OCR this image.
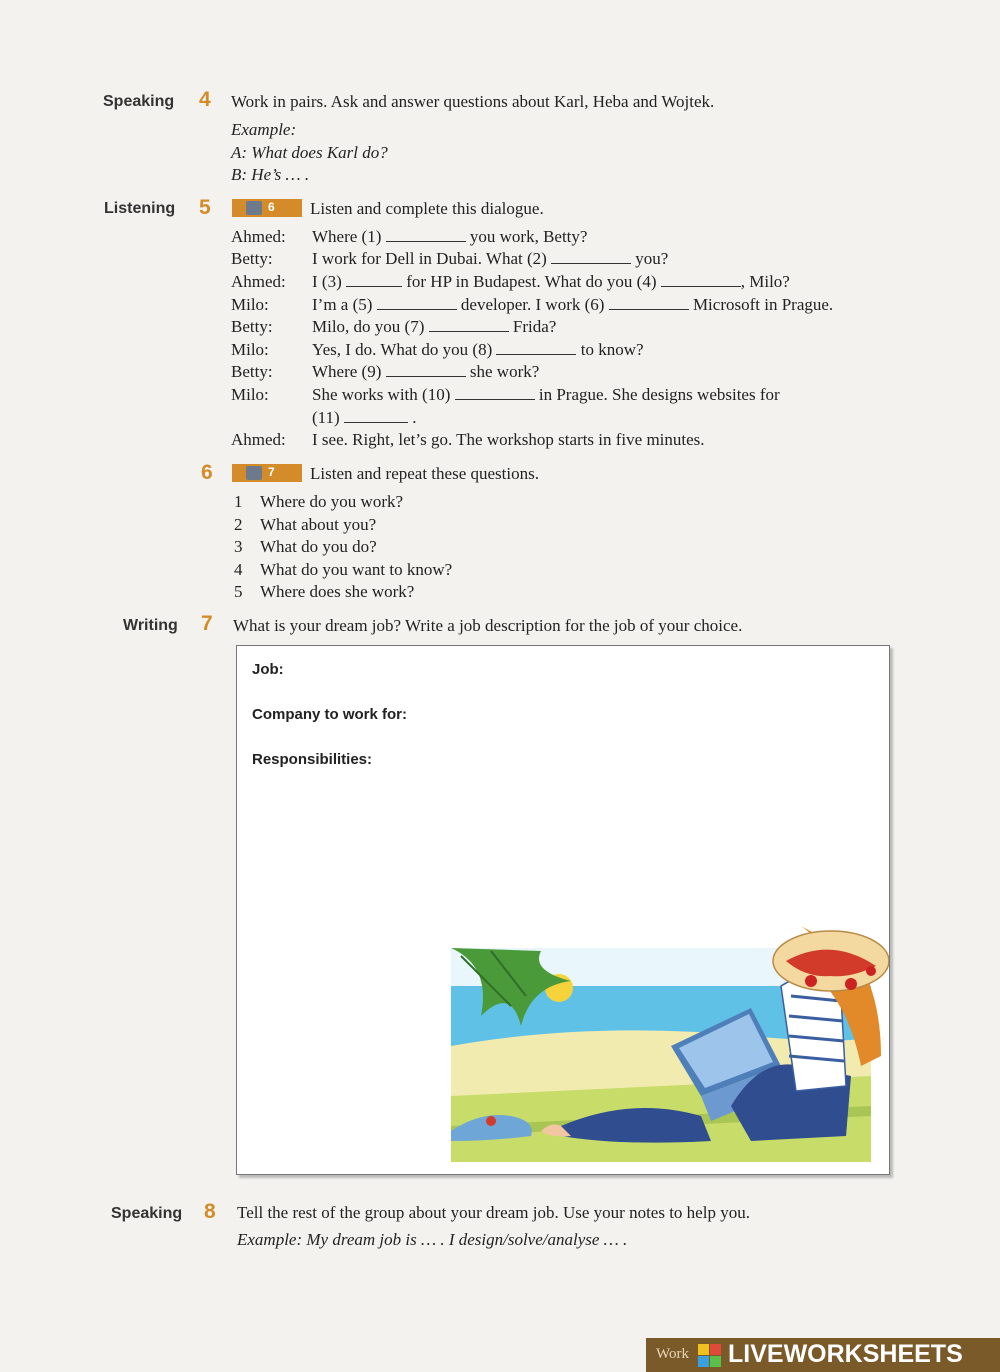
Speaking 4 Work in pairs. Ask and answer questions about Karl, Heba and Wojtek.
Example:
A: What does Karl do?
B: He’s … .
Listening 5	6 Listen and complete this dialogue.
Ahmed: Where (1)	you work, Betty?
Betty: I work for Dell in Dubai. What (2)	you?
Ahmed: I (3)	for HP in Budapest. What do you (4)	, Milo?
Milo:	I’m a (5)	developer. I work (6)	Microsoft in Prague.
Betty: Milo, do you (7)	Frida?
Milo:	Yes, I do. What do you (8)	to know?
Betty: Where (9)	she work?
Milo:	She works with (10)	in Prague. She designs websites for
(11)	.
Ahmed: I see. Right, let’s go. The workshop starts in five minutes.
6	7 Listen and repeat these questions.
1 Where do you work?
2 What about you?
3 What do you do?
4 What do you want to know?
5 Where does she work?
Writing 7 What is your dream job? Write a job description for the job of your choice.
Job:
Company to work for:
Responsibilities:
Speaking 8 Tell the rest of the group about your dream job. Use your notes to help you.
Example: My dream job is … . I design/solve/analyse … .
Work LIVEWORKSHEETS
